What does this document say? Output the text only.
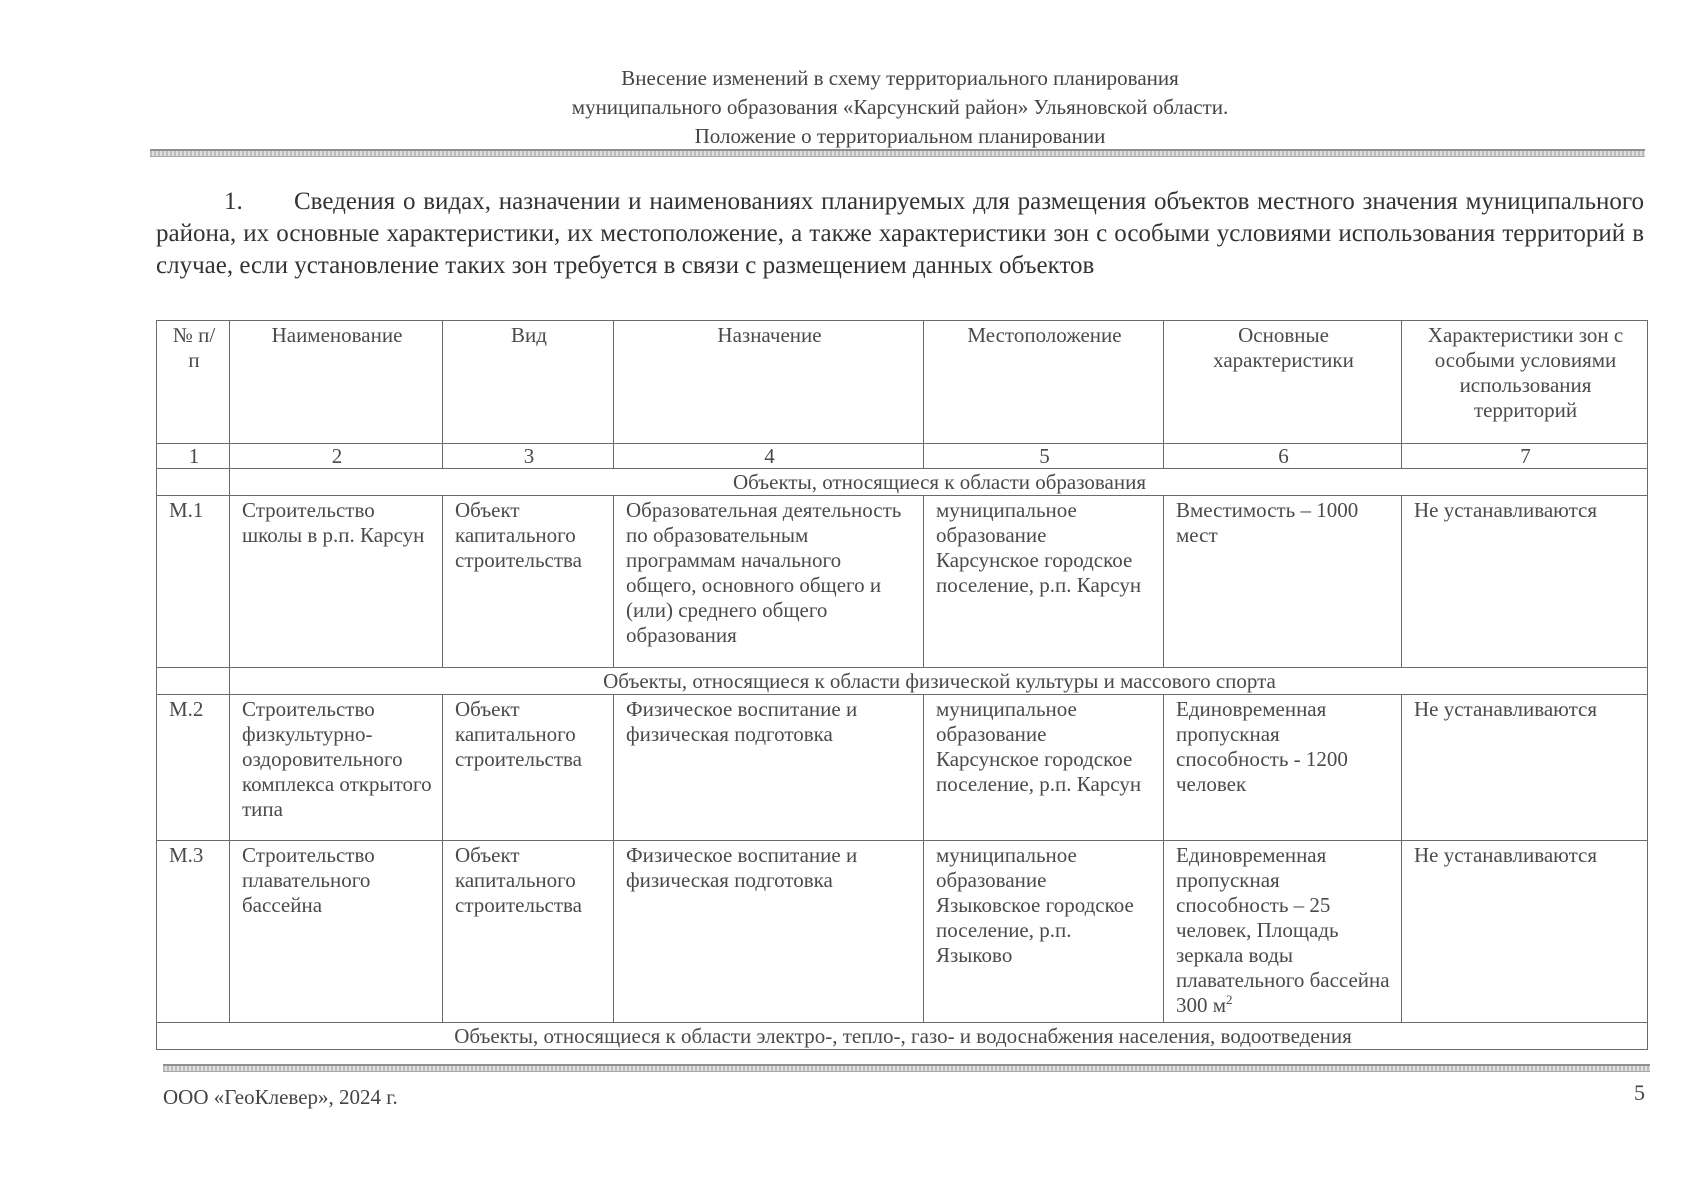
Внесение изменений в схему территориального планирования
муниципального образования «Карсунский район» Ульяновской области.
Положение о территориальном планировании
1. Сведения о видах, назначении и наименованиях планируемых для размещения объектов местного значения муниципального района, их основные характеристики, их местоположение, а также характеристики зон с особыми условиями использования территорий в случае, если установление таких зон требуется в связи с размещением данных объектов
№ п/п	Наименование	Вид	Назначение	Местоположение	Основные характеристики	Характеристики зон с особыми условиями использования территорий
1	2	3	4	5	6	7
	Объекты, относящиеся к области образования					
М.1	Строительство школы в р.п. Карсун	Объект капитального строительства	Образовательная деятельность по образовательным программам начального общего, основного общего и (или) среднего общего образования	муниципальное образование Карсунское городское поселение, р.п. Карсун	Вместимость – 1000 мест	Не устанавливаются
	Объекты, относящиеся к области физической культуры и массового спорта					
М.2	Строительство физкультурно-оздоровительного комплекса открытого типа	Объект капитального строительства	Физическое воспитание и физическая подготовка	муниципальное образование Карсунское городское поселение, р.п. Карсун	Единовременная пропускная способность - 1200 человек	Не устанавливаются
М.3	Строительство плавательного бассейна	Объект капитального строительства	Физическое воспитание и физическая подготовка	муниципальное образование Языковское городское поселение, р.п. Языково	Единовременная пропускная способность – 25 человек, Площадь зеркала воды плавательного бассейна 300 $м^2$	Не устанавливаются
Объекты, относящиеся к области электро-, тепло-, газо- и водоснабжения населения, водоотведения						
ООО «ГеоКлевер», 2024 г.	5
